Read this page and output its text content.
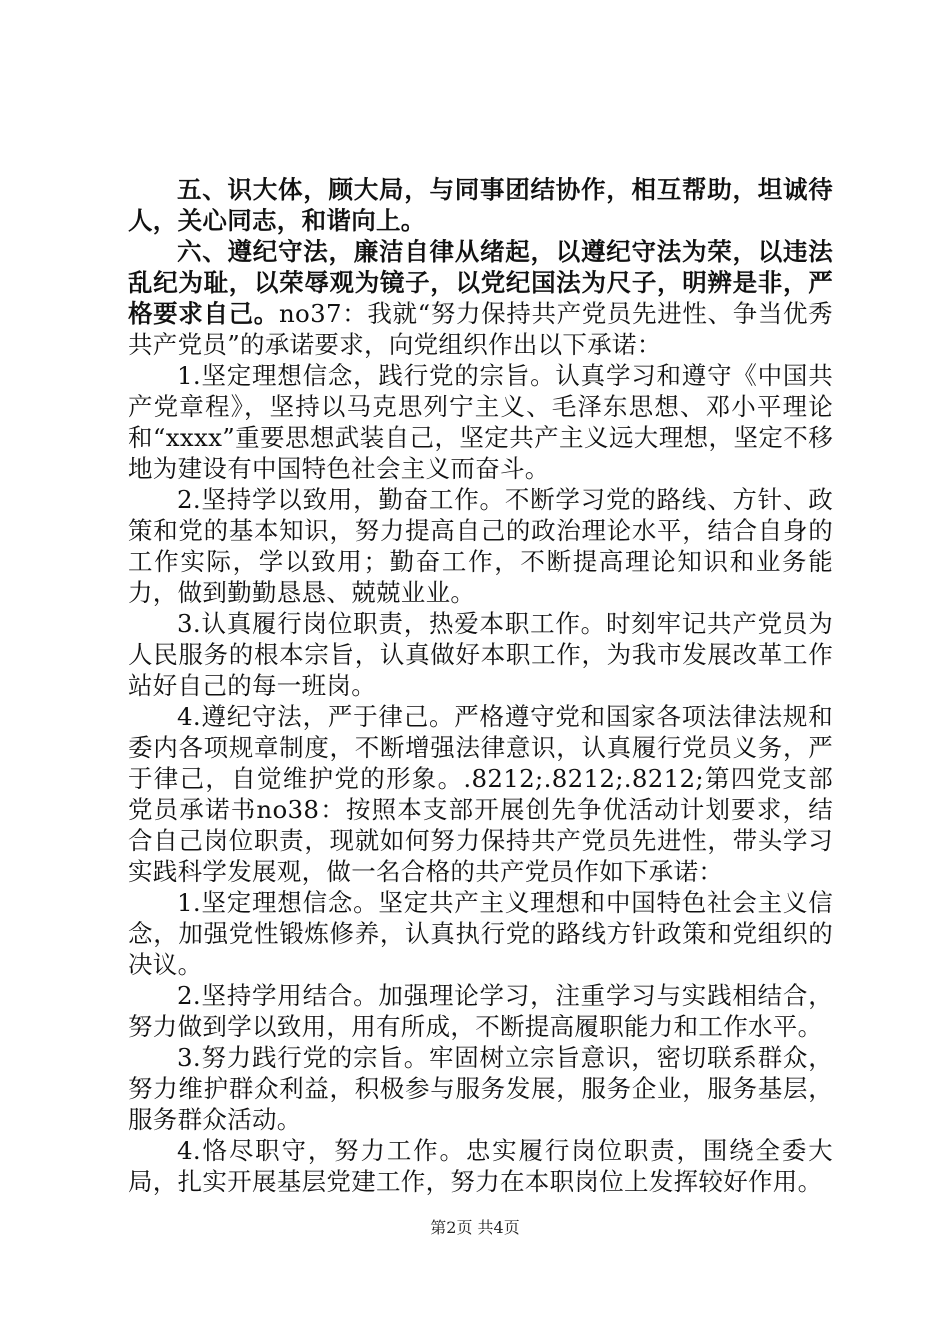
五、识大体，顾大局，与同事团结协作，相互帮助，坦诚待人，关心同志，和谐向上。

六、遵纪守法，廉洁自律从绪起，以遵纪守法为荣，以违法乱纪为耻，以荣辱观为镜子，以党纪国法为尺子，明辨是非，严格要求自己。no37：我就“努力保持共产党员先进性、争当优秀共产党员”的承诺要求，向党组织作出以下承诺：

1.坚定理想信念，践行党的宗旨。认真学习和遵守《中国共产党章程》，坚持以马克思列宁主义、毛泽东思想、邓小平理论和“xxxx”重要思想武装自己，坚定共产主义远大理想，坚定不移地为建设有中国特色社会主义而奋斗。

2.坚持学以致用，勤奋工作。不断学习党的路线、方针、政策和党的基本知识，努力提高自己的政治理论水平，结合自身的工作实际，学以致用；勤奋工作，不断提高理论知识和业务能力，做到勤勤恳恳、兢兢业业。

3.认真履行岗位职责，热爱本职工作。时刻牢记共产党员为人民服务的根本宗旨，认真做好本职工作，为我市发展改革工作站好自己的每一班岗。

4.遵纪守法，严于律己。严格遵守党和国家各项法律法规和委内各项规章制度，不断增强法律意识，认真履行党员义务，严于律己，自觉维护党的形象。.8212;.8212;.8212;第四党支部党员承诺书no38：按照本支部开展创先争优活动计划要求，结合自己岗位职责，现就如何努力保持共产党员先进性，带头学习实践科学发展观，做一名合格的共产党员作如下承诺：

1.坚定理想信念。坚定共产主义理想和中国特色社会主义信念，加强党性锻炼修养，认真执行党的路线方针政策和党组织的决议。

2.坚持学用结合。加强理论学习，注重学习与实践相结合，努力做到学以致用，用有所成，不断提高履职能力和工作水平。

3.努力践行党的宗旨。牢固树立宗旨意识，密切联系群众，努力维护群众利益，积极参与服务发展，服务企业，服务基层，服务群众活动。

4.恪尽职守，努力工作。忠实履行岗位职责，围绕全委大局，扎实开展基层党建工作，努力在本职岗位上发挥较好作用。

第2页 共4页
